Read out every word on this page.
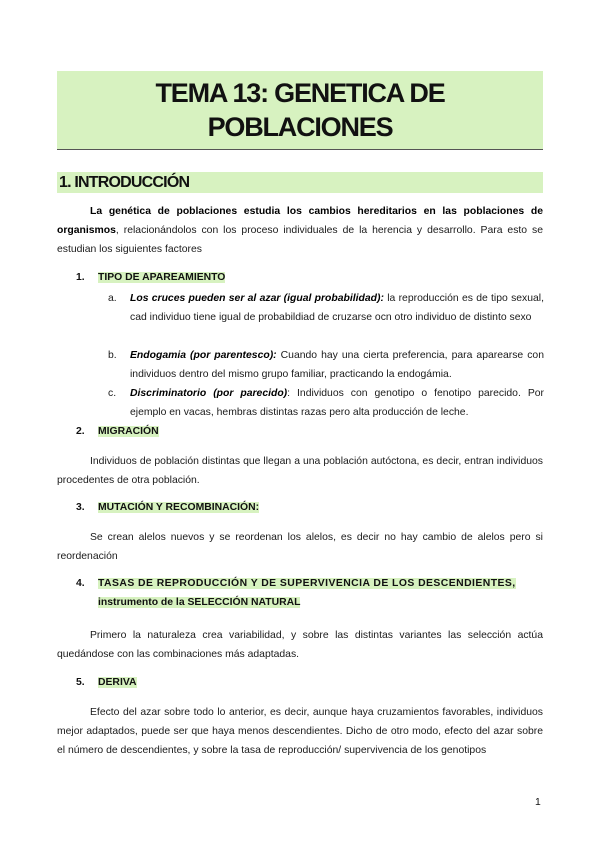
TEMA 13: GENETICA DE
POBLACIONES
1. INTRODUCCIÓN
La genética de poblaciones estudia los cambios hereditarios en las poblaciones de organismos, relacionándolos con los proceso individuales de la herencia y desarrollo. Para esto se estudian los siguientes factores
1. TIPO DE APAREAMIENTO
a. Los cruces pueden ser al azar (igual probabilidad): la reproducción es de tipo sexual, cad individuo tiene igual de probabildiad de cruzarse ocn otro individuo de distinto sexo
b. Endogamia (por parentesco): Cuando hay una cierta preferencia, para aparearse con individuos dentro del mismo grupo familiar, practicando la endogámia.
c. Discriminatorio (por parecido): Individuos con genotipo o fenotipo parecido. Por ejemplo en vacas, hembras distintas razas pero alta producción de leche.
2. MIGRACIÓN
Individuos de población distintas que llegan a una población autóctona, es decir, entran individuos procedentes de otra población.
3. MUTACIÓN Y RECOMBINACIÓN:
Se crean alelos nuevos y se reordenan los alelos, es decir no hay cambio de alelos pero si reordenación
4. TASAS DE REPRODUCCIÓN Y DE SUPERVIVENCIA DE LOS DESCENDIENTES,
instrumento de la SELECCIÓN NATURAL
Primero la naturaleza crea variabilidad, y sobre las distintas variantes las selección actúa quedándose con las combinaciones más adaptadas.
5. DERIVA
Efecto del azar sobre todo lo anterior, es decir, aunque haya cruzamientos favorables, individuos mejor adaptados, puede ser que haya menos descendientes. Dicho de otro modo, efecto del azar sobre el número de descendientes, y sobre la tasa de reproducción/ supervivencia de los genotipos
1
